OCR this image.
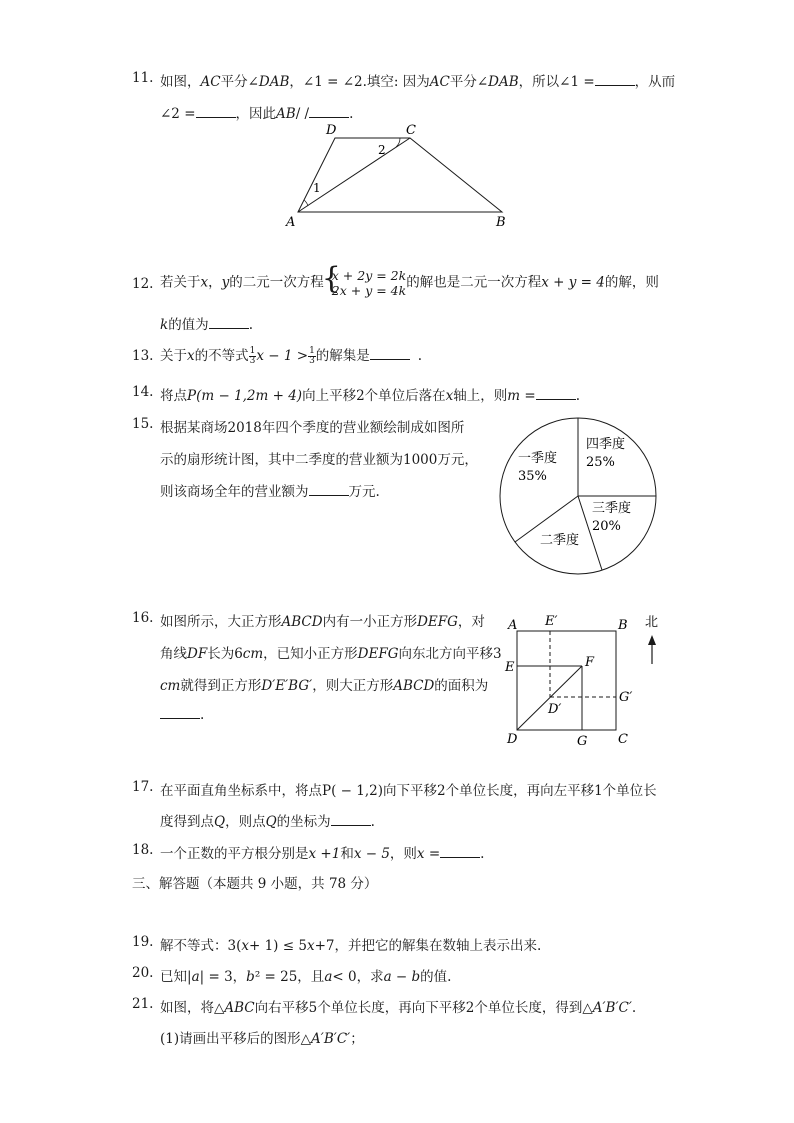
11. 如图，AC平分∠DAB，∠1 = ∠2.填空: 因为AC平分∠DAB，所以∠1 =	，从而
∠2 =	，因此AB/ /	.
A	B
C
D
1
2
12. 若关于x，y的二元一次方程
{ x + 2y = 2k
2x + y = 4k 的解也是二元一次方程x + y = 4的解，则
k的值为	.
13. 关于x的不等式 $\frac{1}{3}$ $x - 1 > \frac{1}{3}$ 的解集是	.
14. 将点P(m − 1,2m + 4)向上平移2个单位后落在x轴上，则m =	.
15. 根据某商场2018年四个季度的营业额绘制成如图所
示的扇形统计图，其中二季度的营业额为1000万元，
则该商场全年的营业额为	万元.
一季度
35%
四季度
25%
三季度
20%
二季度
16. 如图所示，大正方形ABCD内有一小正方形DEFG，对
角线DF长为6cm，已知小正方形DEFG向东北方向平移3
cm就得到正方形D′E′BG′，则大正方形ABCD的面积为
.
A E′	B 北
E	F
G′
D′
D	G C
17. 在平面直角坐标系中，将点P( − 1,2)向下平移2个单位长度，再向左平移1个单位长
度得到点Q，则点Q的坐标为	.
18. 一个正数的平方根分别是x +1和x − 5，则x =	.
三、解答题（本题共 9 小题，共 78 分）
19. 解不等式：3(x+ 1) ≤ 5x+7，并把它的解集在数轴上表示出来.
20. 已知|a| = 3，b² = 25，且a< 0，求a − b的值.
21. 如图，将△ABC向右平移5个单位长度，再向下平移2个单位长度，得到△A′B′C′.
(1)请画出平移后的图形△A′B′C′；
